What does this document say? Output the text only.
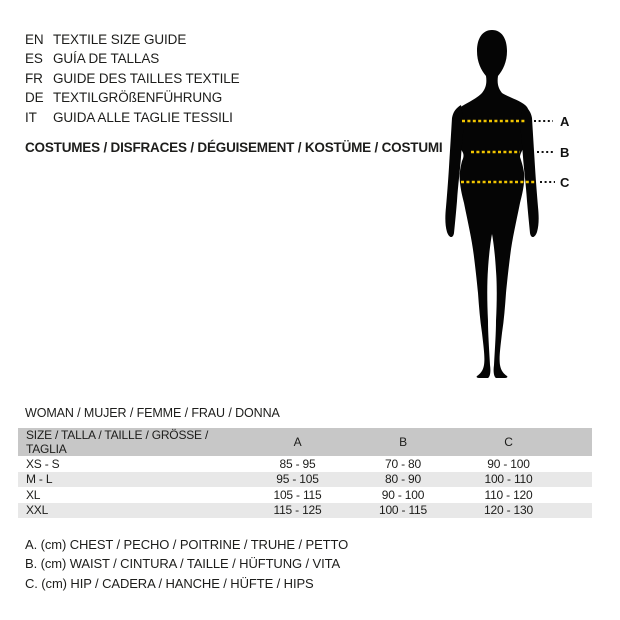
EN TEXTILE SIZE GUIDE
ES GUÍA DE TALLAS
FR GUIDE DES TAILLES TEXTILE
DE TEXTILGRÖßENFÜHRUNG
IT	GUIDA ALLE TAGLIE TESSILI
COSTUMES / DISFRACES / DÉGUISEMENT / KOSTÜME / COSTUMI
A
B
C
WOMAN / MUJER / FEMME / FRAU / DONNA
SIZE / TALLA / TAILLE / GRÖSSE / TAGLIA	A	B	C	
XS - S	85 - 95	70 - 80	90 - 100	
M - L	95 - 105	80 - 90	100 - 110	
XL	105 - 115	90 - 100	110 - 120	
XXL	115 - 125	100 - 115	120 - 130	
A. (cm) CHEST / PECHO / POITRINE / TRUHE / PETTO
B. (cm) WAIST / CINTURA / TAILLE / HÜFTUNG / VITA
C. (cm) HIP / CADERA / HANCHE / HÜFTE / HIPS
